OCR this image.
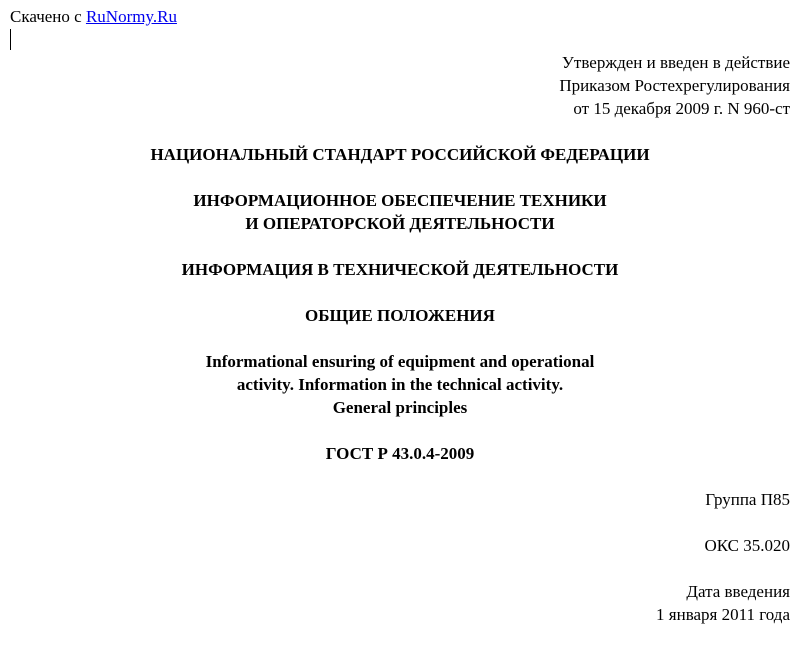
Скачено с RuNormy.Ru

Утвержден и введен в действие

Приказом Ростехрегулирования

от 15 декабря 2009 г. N 960-ст

НАЦИОНАЛЬНЫЙ СТАНДАРТ РОССИЙСКОЙ ФЕДЕРАЦИИ

ИНФОРМАЦИОННОЕ ОБЕСПЕЧЕНИЕ ТЕХНИКИ

И ОПЕРАТОРСКОЙ ДЕЯТЕЛЬНОСТИ

ИНФОРМАЦИЯ В ТЕХНИЧЕСКОЙ ДЕЯТЕЛЬНОСТИ

ОБЩИЕ ПОЛОЖЕНИЯ

Informational ensuring of equipment and operational

activity. Information in the technical activity.

General principles

ГОСТ Р 43.0.4-2009

Группа П85

ОКС 35.020

Дата введения

1 января 2011 года
